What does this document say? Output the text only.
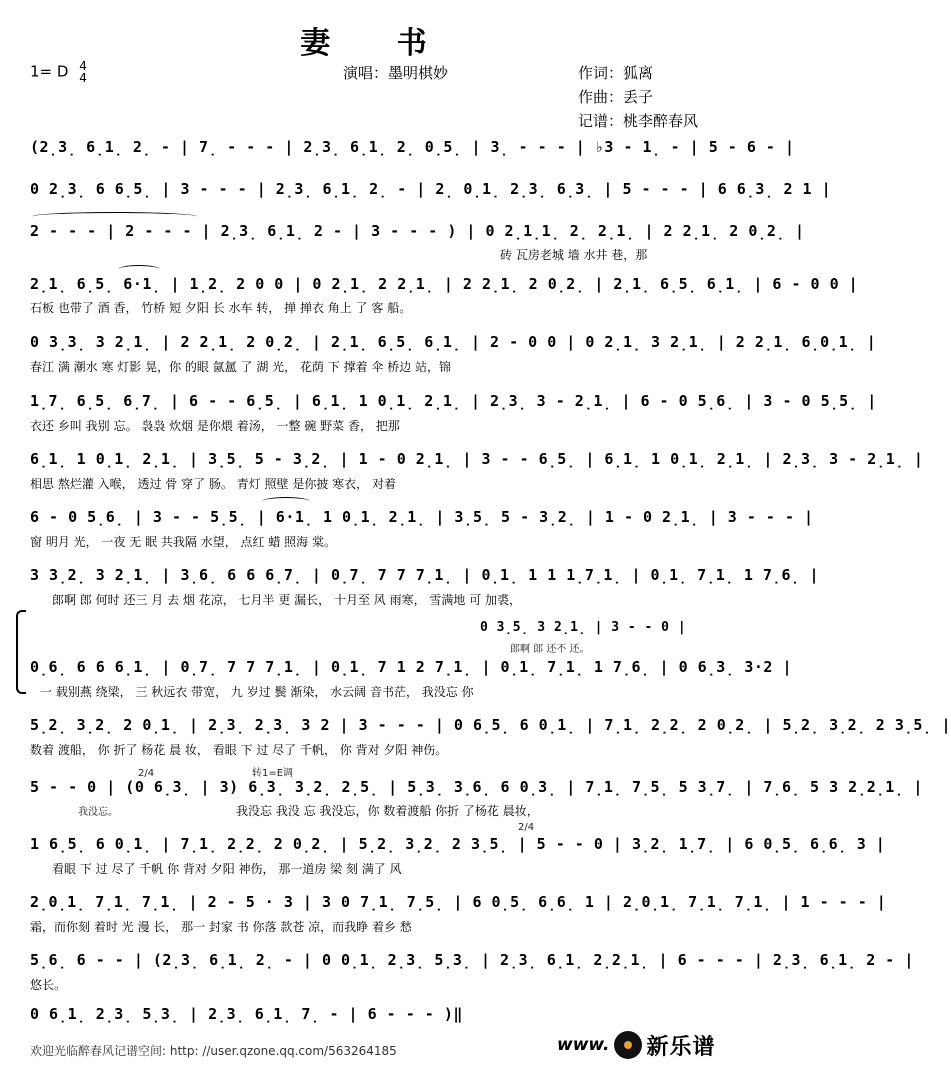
妻 书
1= D 4
4	演唱：墨明棋妙	作词：狐离
作曲：丢子
记谱：桃李醉春风
(2̣3̣ 6̣1̣ 2̣ - | 7̣ - - - | 2̣3̣ 6̣1̣ 2̣ 0̣5̣ | 3̣ - - - | ♭3 - 1̣ - | 5 - 6 - |
0 2̣3̣ 6 6̣5̣ | 3 - - - | 2̣3̣ 6̣1̣ 2̣ - | 2̣ 0̣1̣ 2̣3̣ 6̣3̣ | 5 - - - | 6 6̣3̣ 2 1 |
2 - - - | 2 - - - | 2̣3̣ 6̣1̣ 2 - | 3 - - - ) | 0 2̣1̣1̣ 2̣ 2̣1̣ | 2 2̣1̣ 2 0̣2̣ |
砖 瓦房老城 墙 水井 巷，那
2̣1̣ 6̣5̣ 6·1̣ | 1̣2̣ 2 0 0 | 0 2̣1̣ 2 2̣1̣ | 2 2̣1̣ 2 0̣2̣ | 2̣1̣ 6̣5̣ 6̣1̣ | 6 - 0 0 |
石板 也带了 酒 香， 竹桥 短 夕阳 长 水车 转， 掸 掸衣 角上 了 客 船。
0 3̣3̣ 3 2̣1̣ | 2 2̣1̣ 2 0̣2̣ | 2̣1̣ 6̣5̣ 6̣1̣ | 2 - 0 0 | 0 2̣1̣ 3 2̣1̣ | 2 2̣1̣ 6̣0̣1̣ |
春江 满 潮水 寒 灯影 晃，你 的眼 氤氲 了 湖 光， 花荫 下 撑着 伞 桥边 站，锦
1̣7̣ 6̣5̣ 6̣7̣ | 6 - - 6̣5̣ | 6̣1̣ 1 0̣1̣ 2̣1̣ | 2̣3̣ 3 - 2̣1̣ | 6 - 0 5̣6̣ | 3 - 0 5̣5̣ |
衣还 乡叫 我别 忘。 袅袅 炊烟 是你煨 着汤， 一整 碗 野菜 香， 把那
6̣1̣ 1 0̣1̣ 2̣1̣ | 3̣5̣ 5 - 3̣2̣ | 1 - 0 2̣1̣ | 3 - - 6̣5̣ | 6̣1̣ 1 0̣1̣ 2̣1̣ | 2̣3̣ 3 - 2̣1̣ |
相思 熬烂灌 入喉， 透过 骨 穿了 肠。 青灯 照壁 是你披 寒衣， 对着
6 - 0 5̣6̣ | 3 - - 5̣5̣ | 6·1̣ 1 0̣1̣ 2̣1̣ | 3̣5̣ 5 - 3̣2̣ | 1 - 0 2̣1̣ | 3 - - - |
窗 明月 光， 一夜 无 眠 共我隔 水望， 点红 蜡 照海 棠。
3 3̣2̣ 3 2̣1̣ | 3̣6̣ 6 6 6̣7̣ | 0̣7̣ 7 7 7̣1̣ | 0̣1̣ 1 1 1̣7̣1̣ | 0̣1̣ 7̣1̣ 1 7̣6̣ |
郎啊 郎 何时 还三 月 去 烟 花凉， 七月半 更 漏长， 十月至 风 雨寒， 雪满地 可 加裘，
0 3̣5̣ 3 2̣1̣ | 3 - - 0 |
郎啊 郎 还不 还。
0̣6̣ 6 6 6̣1̣ | 0̣7̣ 7 7 7̣1̣ | 0̣1̣ 7 1 2 7̣1̣ | 0̣1̣ 7̣1̣ 1 7̣6̣ | 0 6̣3̣ 3·2 |
一 载别燕 绕梁， 三 秋远衣 带宽， 九 岁过 鬓 渐染， 水云阔 音书茫， 我没忘 你
5̣2̣ 3̣2̣ 2 0̣1̣ | 2̣3̣ 2̣3̣ 3 2 | 3 - - - | 0 6̣5̣ 6 0̣1̣ | 7̣1̣ 2̣2̣ 2 0̣2̣ | 5̣2̣ 3̣2̣ 2 3̣5̣ |
数着 渡船， 你 折了 杨花 晨 妆， 看眼 下 过 尽了 千帆， 你 背对 夕阳 神伤。
2/4	转1=E调
5 - - 0 | (0 6̣3̣ | 3) 6̣3̣ 3̣2̣ 2̣5̣ | 5̣3̣ 3̣6̣ 6 0̣3̣ | 7̣1̣ 7̣5̣ 5 3̣7̣ | 7̣6̣ 5 3 2̣2̣1̣ |
我没忘。	我没忘 我没 忘 我没忘，你 数着渡船 你折 了杨花 晨妆，
2/4
1 6̣5̣ 6 0̣1̣ | 7̣1̣ 2̣2̣ 2 0̣2̣ | 5̣2̣ 3̣2̣ 2 3̣5̣ | 5 - - 0 | 3̣2̣ 1̣7̣ | 6 0̣5̣ 6̣6̣ 3 |
看眼 下 过 尽了 千帆 你 背对 夕阳 神伤， 那一道房 梁 刻 满了 风
2̣0̣1̣ 7̣1̣ 7̣1̣ | 2 - 5 · 3 | 3 0 7̣1̣ 7̣5̣ | 6 0̣5̣ 6̣6̣ 1 | 2̣0̣1̣ 7̣1̣ 7̣1̣ | 1 - - - |
霜，而你刻 着时 光 漫 长， 那一 封家 书 你落 款苍 凉，而我睁 着乡 愁
5̣6̣ 6 - - | (2̣3̣ 6̣1̣ 2̣ - | 0 0̣1̣ 2̣3̣ 5̣3̣ | 2̣3̣ 6̣1̣ 2̣2̣1̣ | 6 - - - | 2̣3̣ 6̣1̣ 2 - |
悠长。
0 6̣1̣ 2̣3̣ 5̣3̣ | 2̣3̣ 6̣1̣ 7̣ - | 6 - - - )‖
欢迎光临醉春风记谱空间: http: //user.qzone.qq.com/563264185	www. 新乐谱
